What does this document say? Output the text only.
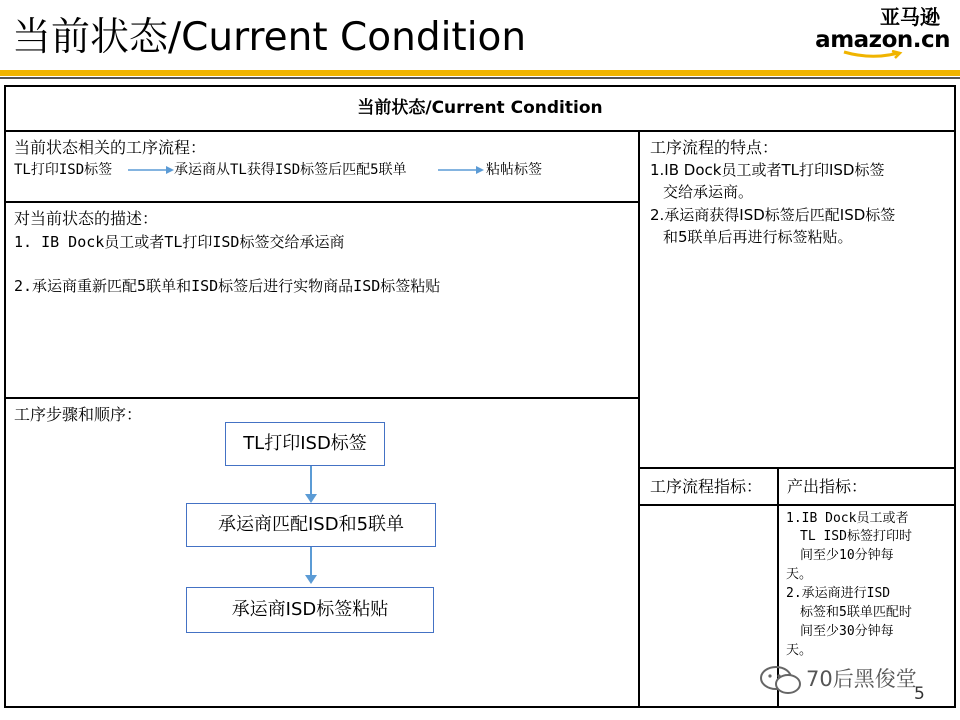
当前状态/Current Condition	亚马逊
amazon.cn
当前状态/Current Condition
当前状态相关的工序流程：
TL打印ISD标签	承运商从TL获得ISD标签后匹配5联单	粘帖标签
对当前状态的描述：
1. IB Dock员工或者TL打印ISD标签交给承运商
2.承运商重新匹配5联单和ISD标签后进行实物商品ISD标签粘贴
工序步骤和顺序：
TL打印ISD标签
承运商匹配ISD和5联单
承运商ISD标签粘贴
工序流程的特点：
1.IB Dock员工或者TL打印ISD标签
交给承运商。
2.承运商获得ISD标签后匹配ISD标签
和5联单后再进行标签粘贴。
工序流程指标： 产出指标：
1.IB Dock员工或者
TL ISD标签打印时
间至少10分钟每
天。
2.承运商进行ISD
标签和5联单匹配时
间至少30分钟每
天。
70后黑俊堂
5
